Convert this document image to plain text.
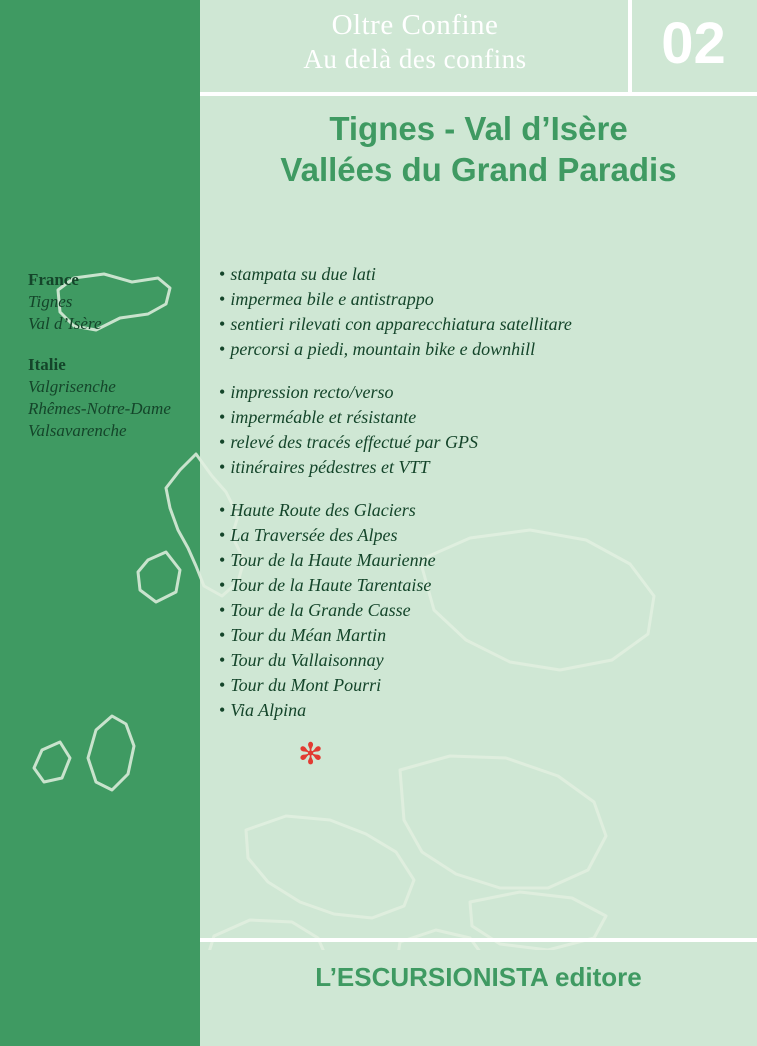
Oltre Confine
Au delà des confins	02
Tignes - Val d’Isère
Vallées du Grand Paradis
France
Tignes
Val d’Isère
Italie
Valgrisenche
Rhêmes-Notre-Dame
Valsavarenche
• stampata su due lati
• impermea bile e antistrappo
• sentieri rilevati con apparecchiatura satellitare
• percorsi a piedi, mountain bike e downhill
• impression recto/verso
• imperméable et résistante
• relevé des tracés effectué par GPS
• itinéraires pédestres et VTT
• Haute Route des Glaciers
• La Traversée des Alpes
• Tour de la Haute Maurienne
• Tour de la Haute Tarentaise
• Tour de la Grande Casse
• Tour du Méan Martin
• Tour du Vallaisonnay
• Tour du Mont Pourri
• Via Alpina
✻
L’ESCURSIONISTA editore
